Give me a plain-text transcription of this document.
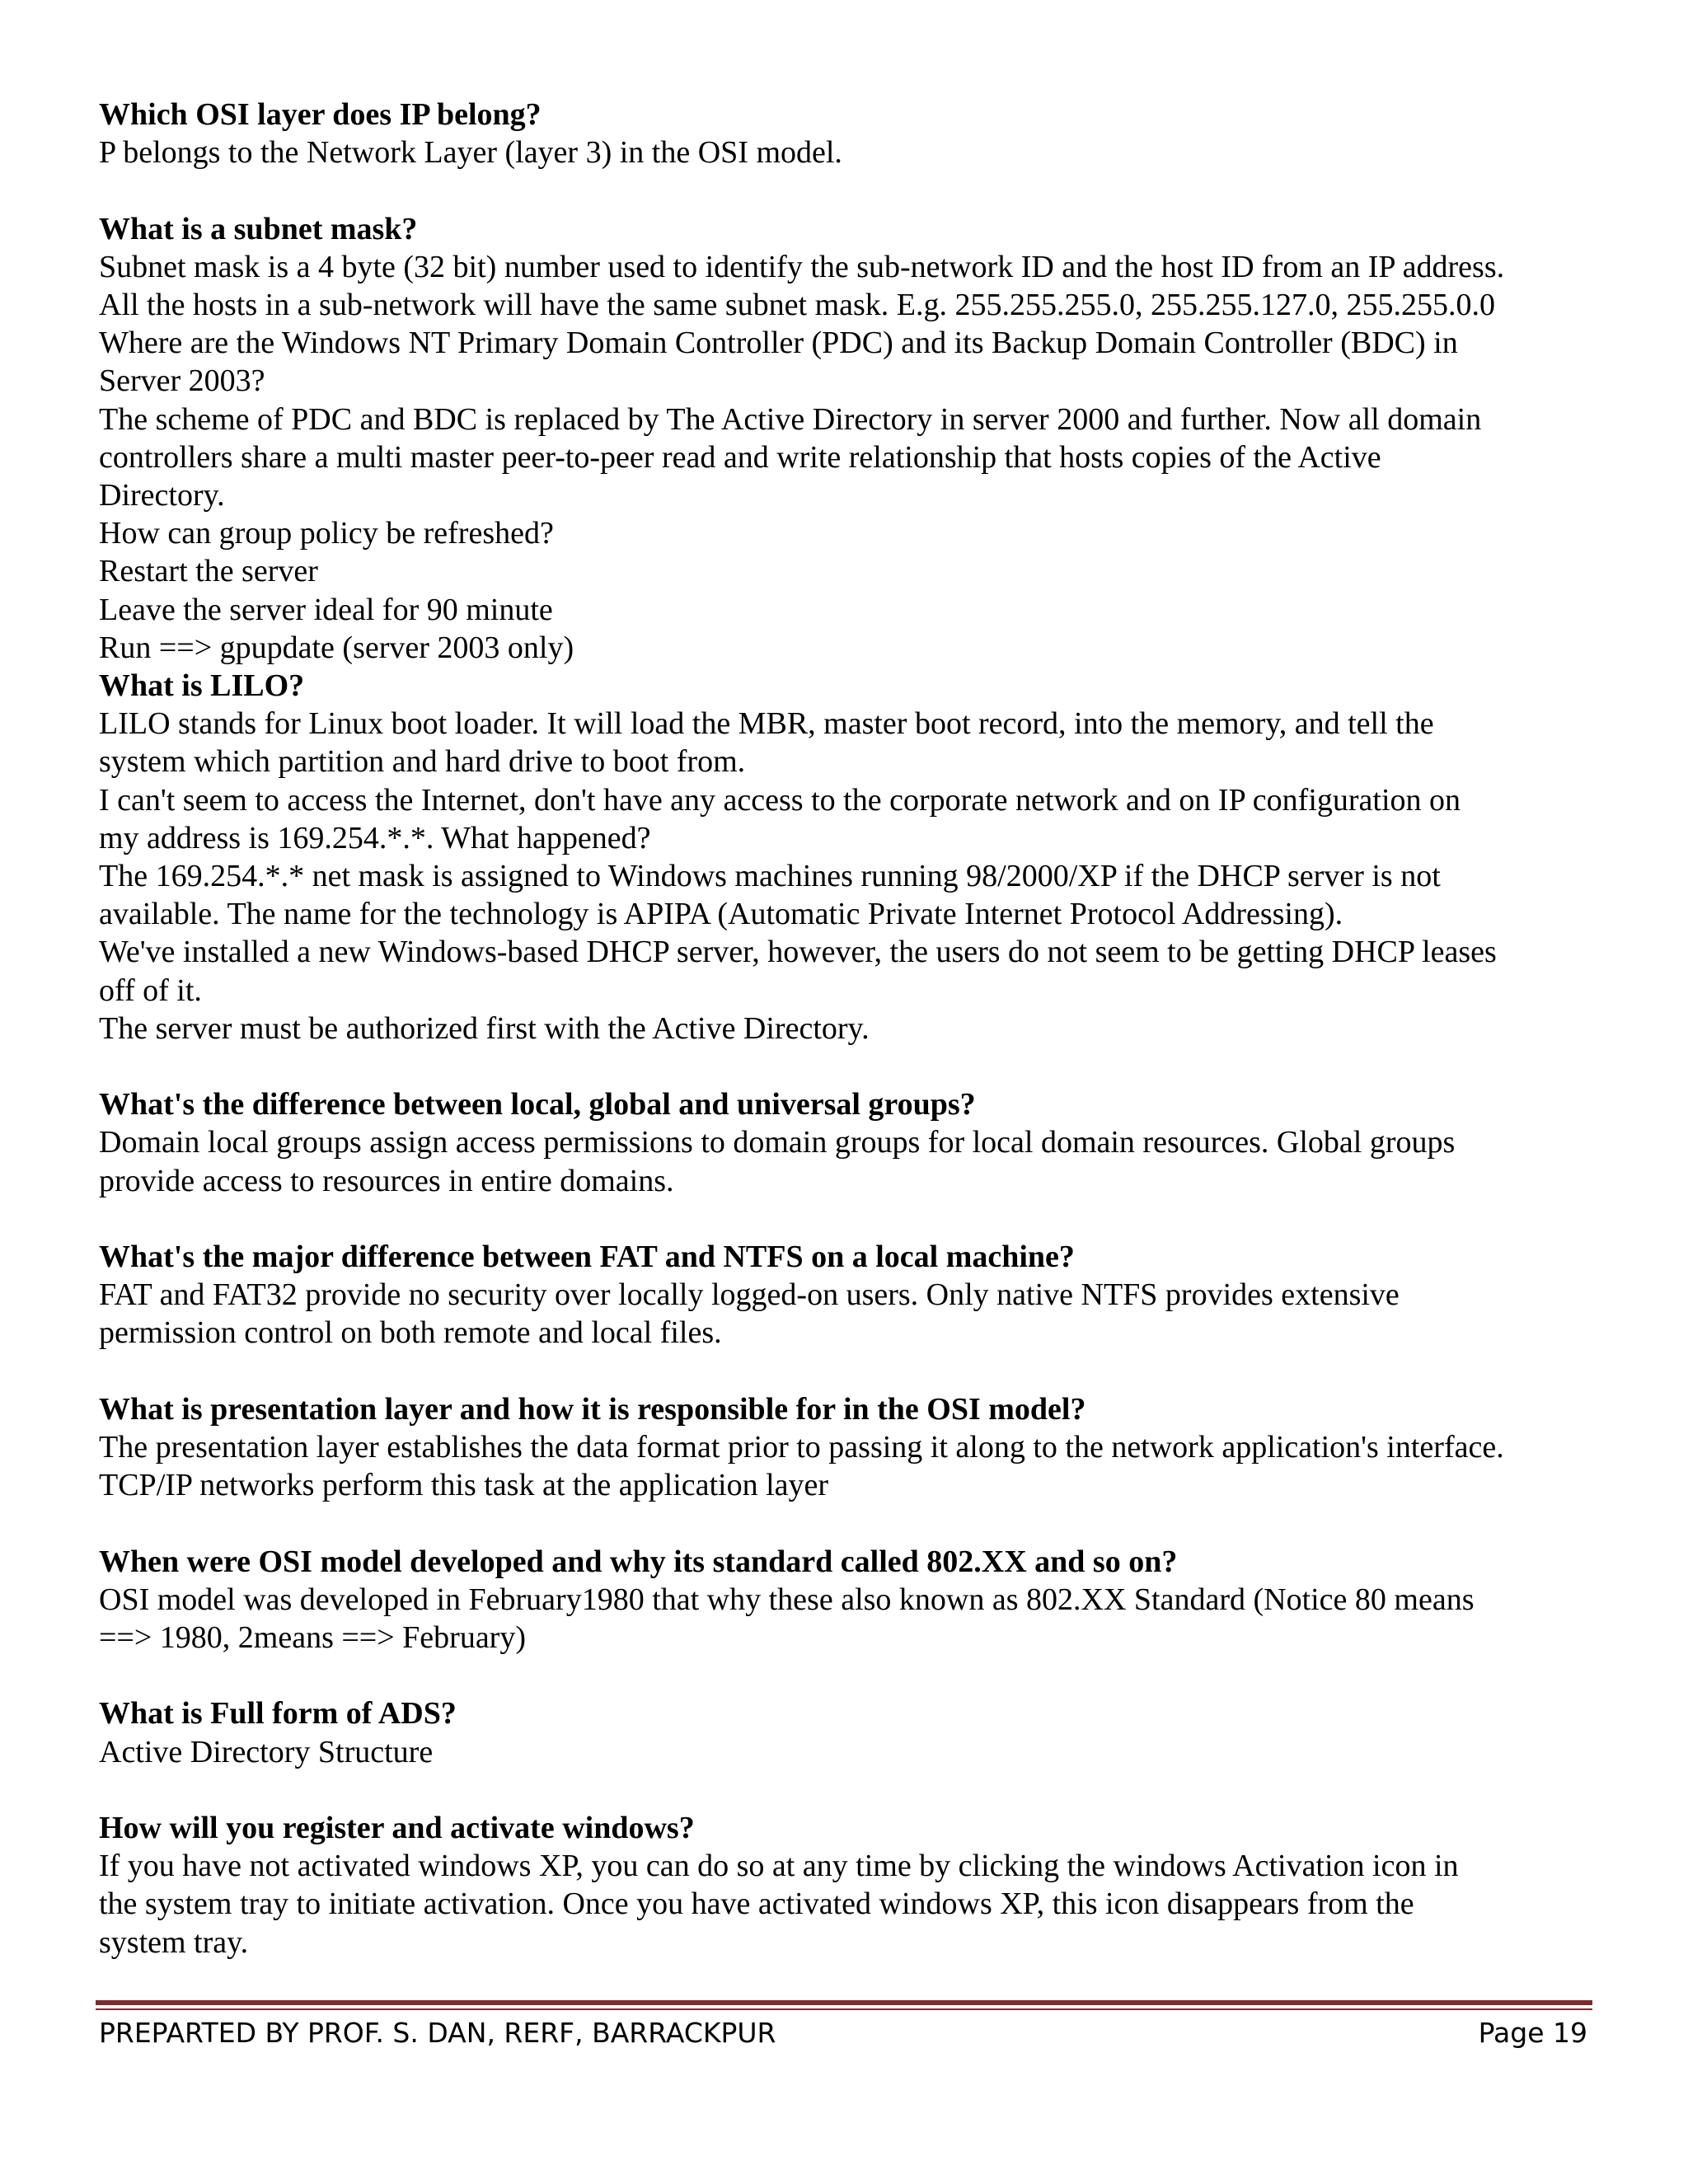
Which OSI layer does IP belong?
P belongs to the Network Layer (layer 3) in the OSI model.
What is a subnet mask?
Subnet mask is a 4 byte (32 bit) number used to identify the sub-network ID and the host ID from an IP address.
All the hosts in a sub-network will have the same subnet mask. E.g. 255.255.255.0, 255.255.127.0, 255.255.0.0
Where are the Windows NT Primary Domain Controller (PDC) and its Backup Domain Controller (BDC) in
Server 2003?
The scheme of PDC and BDC is replaced by The Active Directory in server 2000 and further. Now all domain
controllers share a multi master peer-to-peer read and write relationship that hosts copies of the Active
Directory.
How can group policy be refreshed?
Restart the server
Leave the server ideal for 90 minute
Run ==> gpupdate (server 2003 only)
What is LILO?
LILO stands for Linux boot loader. It will load the MBR, master boot record, into the memory, and tell the
system which partition and hard drive to boot from.
I can't seem to access the Internet, don't have any access to the corporate network and on IP configuration on
my address is 169.254.*.*. What happened?
The 169.254.*.* net mask is assigned to Windows machines running 98/2000/XP if the DHCP server is not
available. The name for the technology is APIPA (Automatic Private Internet Protocol Addressing).
We've installed a new Windows-based DHCP server, however, the users do not seem to be getting DHCP leases
off of it.
The server must be authorized first with the Active Directory.
What's the difference between local, global and universal groups?
Domain local groups assign access permissions to domain groups for local domain resources. Global groups
provide access to resources in entire domains.
What's the major difference between FAT and NTFS on a local machine?
FAT and FAT32 provide no security over locally logged-on users. Only native NTFS provides extensive
permission control on both remote and local files.
What is presentation layer and how it is responsible for in the OSI model?
The presentation layer establishes the data format prior to passing it along to the network application's interface.
TCP/IP networks perform this task at the application layer
When were OSI model developed and why its standard called 802.XX and so on?
OSI model was developed in February1980 that why these also known as 802.XX Standard (Notice 80 means
==> 1980, 2means ==> February)
What is Full form of ADS?
Active Directory Structure
How will you register and activate windows?
If you have not activated windows XP, you can do so at any time by clicking the windows Activation icon in
the system tray to initiate activation. Once you have activated windows XP, this icon disappears from the
system tray.
PREPARTED BY PROF. S. DAN, RERF, BARRACKPUR	Page 19
